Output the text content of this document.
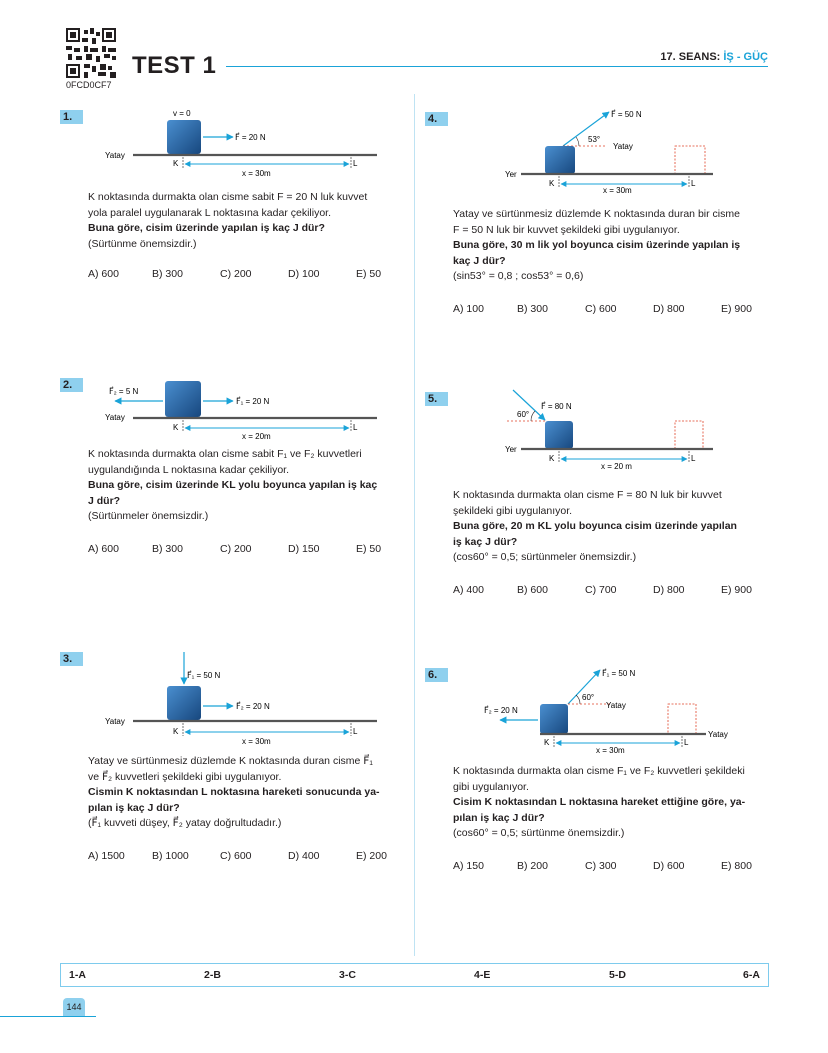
0FCD0CF7
TEST 1	17. SEANS: İŞ - GÜÇ
1.	v = 0
F⃗ = 20 N
Yatay
K	L
x = 30m

K noktasında durmakta olan cisme sabit F = 20 N luk kuvvet

yola paralel uygulanarak L noktasına kadar çekiliyor.

Buna göre, cisim üzerinde yapılan iş kaç J dür?

(Sürtünme önemsizdir.)

A) 600	B) 300	C) 200	D) 100	E) 50
2.
F⃗₂ = 5 N
F⃗₁ = 20 N
Yatay
K	L
x = 20m

K noktasında durmakta olan cisme sabit F₁ ve F₂ kuvvetleri

uygulandığında L noktasına kadar çekiliyor.

Buna göre, cisim üzerinde KL yolu boyunca yapılan iş kaç

J dür?

(Sürtünmeler önemsizdir.)

A) 600	B) 300	C) 200	D) 150	E) 50
3.
F⃗₁ = 50 N
F⃗₂ = 20 N
Yatay
K	L
x = 30m

Yatay ve sürtünmesiz düzlemde K noktasında duran cisme F⃗₁

ve F⃗₂ kuvvetleri şekildeki gibi uygulanıyor.

Cismin K noktasından L noktasına hareketi sonucunda ya-

pılan iş kaç J dür?

(F⃗₁ kuvveti düşey, F⃗₂ yatay doğrultudadır.)

A) 1500	B) 1000	C) 600	D) 400	E) 200
4.	F⃗ = 50 N
53°
Yatay
Yer
K	L
x = 30m

Yatay ve sürtünmesiz düzlemde K noktasında duran bir cisme

F = 50 N luk bir kuvvet şekildeki gibi uygulanıyor.

Buna göre, 30 m lik yol boyunca cisim üzerinde yapılan iş

kaç J dür?

(sin53° = 0,8 ; cos53° = 0,6)

A) 100	B) 300	C) 600	D) 800	E) 900
5.
F⃗ = 80 N
60°
Yer
K	L
x = 20 m

K noktasında durmakta olan cisme F = 80 N luk bir kuvvet

şekildeki gibi uygulanıyor.

Buna göre, 20 m KL yolu boyunca cisim üzerinde yapılan

iş kaç J dür?

(cos60° = 0,5; sürtünmeler önemsizdir.)

A) 400	B) 600	C) 700	D) 800	E) 900
6.	F⃗₁ = 50 N
60°
Yatay
F⃗₂ = 20 N
Yatay
K	L
x = 30m

K noktasında durmakta olan cisme F₁ ve F₂ kuvvetleri şekildeki

gibi uygulanıyor.

Cisim K noktasından L noktasına hareket ettiğine göre, ya-

pılan iş kaç J dür?

(cos60° = 0,5; sürtünme önemsizdir.)

A) 150	B) 200	C) 300	D) 600	E) 800
1-A	2-B	3-C	4-E	5-D	6-A
144
